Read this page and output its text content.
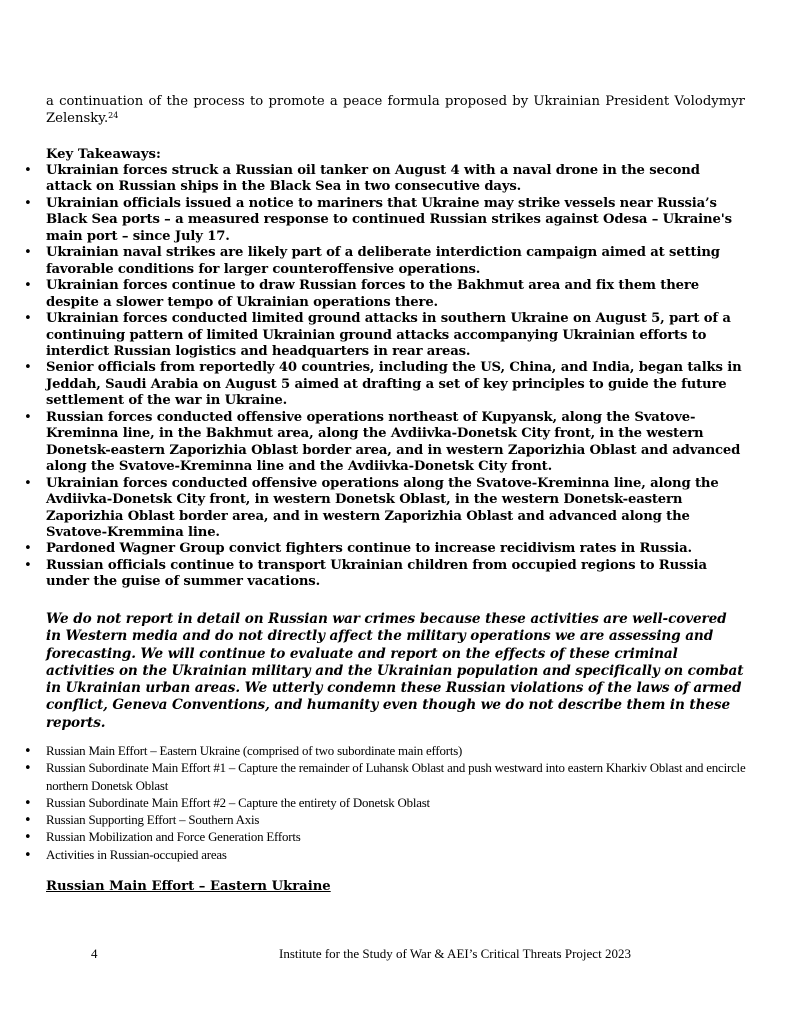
a continuation of the process to promote a peace formula proposed by Ukrainian President Volodymyr Zelensky.$^{24}$

Key Takeaways:
• Ukrainian forces struck a Russian oil tanker on August 4 with a naval drone in the second attack on Russian ships in the Black Sea in two consecutive days.
• Ukrainian officials issued a notice to mariners that Ukraine may strike vessels near Russia’s Black Sea ports – a measured response to continued Russian strikes against Odesa – Ukraine's main port – since July 17.
• Ukrainian naval strikes are likely part of a deliberate interdiction campaign aimed at setting favorable conditions for larger counteroffensive operations.
• Ukrainian forces continue to draw Russian forces to the Bakhmut area and fix them there despite a slower tempo of Ukrainian operations there.
• Ukrainian forces conducted limited ground attacks in southern Ukraine on August 5, part of a continuing pattern of limited Ukrainian ground attacks accompanying Ukrainian efforts to interdict Russian logistics and headquarters in rear areas.
• Senior officials from reportedly 40 countries, including the US, China, and India, began talks in Jeddah, Saudi Arabia on August 5 aimed at drafting a set of key principles to guide the future settlement of the war in Ukraine.
• Russian forces conducted offensive operations northeast of Kupyansk, along the Svatove-Kreminna line, in the Bakhmut area, along the Avdiivka-Donetsk City front, in the western Donetsk-eastern Zaporizhia Oblast border area, and in western Zaporizhia Oblast and advanced along the Svatove-Kreminna line and the Avdiivka-Donetsk City front.
• Ukrainian forces conducted offensive operations along the Svatove-Kreminna line, along the Avdiivka-Donetsk City front, in western Donetsk Oblast, in the western Donetsk-eastern Zaporizhia Oblast border area, and in western Zaporizhia Oblast and advanced along the Svatove-Kremmina line.
• Pardoned Wagner Group convict fighters continue to increase recidivism rates in Russia.
• Russian officials continue to transport Ukrainian children from occupied regions to Russia under the guise of summer vacations.

We do not report in detail on Russian war crimes because these activities are well-covered in Western media and do not directly affect the military operations we are assessing and forecasting. We will continue to evaluate and report on the effects of these criminal activities on the Ukrainian military and the Ukrainian population and specifically on combat in Ukrainian urban areas. We utterly condemn these Russian violations of the laws of armed conflict, Geneva Conventions, and humanity even though we do not describe them in these reports.

• Russian Main Effort – Eastern Ukraine (comprised of two subordinate main efforts)
• Russian Subordinate Main Effort #1 – Capture the remainder of Luhansk Oblast and push westward into eastern Kharkiv Oblast and encircle northern Donetsk Oblast
• Russian Subordinate Main Effort #2 – Capture the entirety of Donetsk Oblast
• Russian Supporting Effort – Southern Axis
• Russian Mobilization and Force Generation Efforts
• Activities in Russian-occupied areas
Russian Main Effort – Eastern Ukraine
4	Institute for the Study of War & AEI’s Critical Threats Project 2023
